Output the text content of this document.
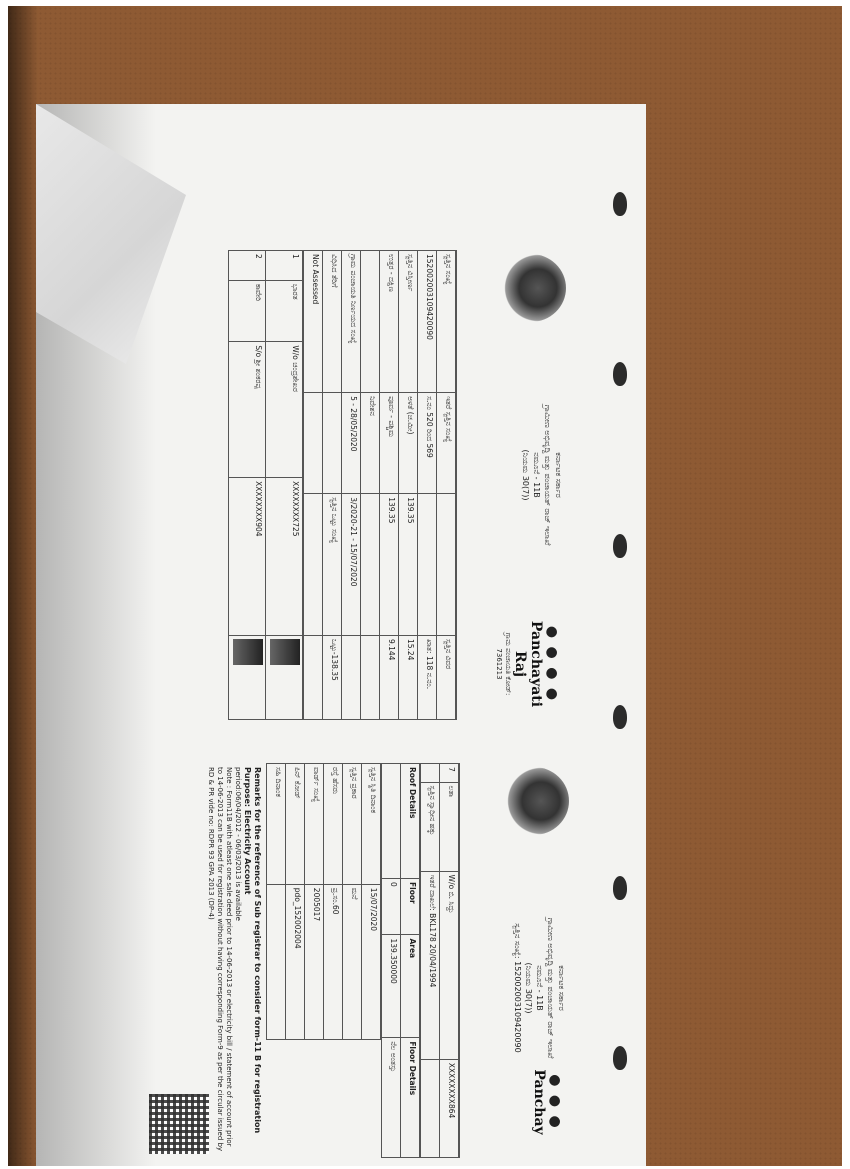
ಕರ್ನಾಟಕ ಸರ್ಕಾರ
ಗ್ರಾಮೀಣ ಅಭಿವೃದ್ಧಿ ಮತ್ತು ಪಂಚಾಯತ್ ರಾಜ್ ಇಲಾಖೆ
ನಮೂನೆ - 11B
(ನಿಯಮ 30(7))
● ● ● ●
Panchayati Raj
ಗ್ರಾಮ ಪಂಚಾಯತಿ ಕೋಡ್: 7361213
ಸ್ವತ್ತಿನ ಸಂಖ್ಯೆ	ಇತರೆ ಸ್ವತ್ತಿನ ಸಂಖ್ಯೆ		ಸ್ವತ್ತಿನ ವಿವರ
152002003109420090	ಸ.ನಂ 520 ರಿಂದ 569		ಖಾತ: 118 ನ.ನಂ.
ಸ್ವತ್ತಿನ ವಿಸ್ತೀರ್ಣ	ಅಳತೆ (ಚ.ಮೀ)	139.35	15.24
ಉತ್ತರ - ದಕ್ಷಿಣ	ಪೂರ್ವ - ಪಶ್ಚಿಮ	139.35	9.144
	ನಿವೇಶನ		
ಗ್ರಾಮ ಪಂಚಾಯತಿ ನಿರ್ಣಯದ ಸಂಖ್ಯೆ	5 - 28/05/2020	3/2020-21 - 15/07/2020	
ವಿಧಿಸಿದ ತೆರಿಗೆ		ಸ್ವತ್ತಿನ ಒಟ್ಟು ಸಂಖ್ಯೆ	ಒಟ್ಟು-138.35
Not Assessed			
1	ಭಾರತ	W/o ಚಂದ್ರಶೇಖರ	XXXXXXXX725	
2	ಕಾವೇರಿ	S/o ಶ್ರೀ ಶಂಕರಪ್ಪ	XXXXXXXX904	
ಕರ್ನಾಟಕ ಸರ್ಕಾರ
ಗ್ರಾಮೀಣ ಅಭಿವೃದ್ಧಿ ಮತ್ತು ಪಂಚಾಯತ್ ರಾಜ್ ಇಲಾಖೆ
ನಮೂನೆ - 11B
(ನಿಯಮ 30(7))
ಸ್ವತ್ತಿನ ಸಂಖ್ಯೆ: 152002003109420090
● ● ●
Panchay
7	ಲತಾ	W/o ಬಿ. ಸಿದ್ದು	XXXXXXXX864
	ಸ್ವತ್ತಿನ ಸ್ವಾಧೀನ ಹಕ್ಕು	ಇತರೆ ದಾಖಲೆ: BKL178 20/04/1994	
Roof Details	Floor	Area	Floor Details
	0	139.350000	ನೆಲ ಅಂತಸ್ತು
ಸ್ವತ್ತಿನ ಸ್ಥಿತಿ ದಿನಾಂಕ	15/07/2020
ಸ್ವತ್ತಿನ ಪ್ರಕಾರ	ಮನೆ
ರಸ್ತೆ ಹೆಸರು	ಪ್ರ.ಸಂ.60
ವಾರ್ಡ್ ಸಂಖ್ಯೆ	2005017
ಪಿನ್ ಕೋಡ್	pdo_152002004
ಸಹಿ ದಿನಾಂಕ	
Remarks for the reference of Sub registrar to consider form-11 B for registration Purpose: Electricity Account
period:06/04/2012 - 06/03/2013 is available
Note : Form11B with atleast one sale deed prior to 14-06-2013 or electricity bill / statement of account prior to 14-06-2013 can be used for registration without having corresponding Form-9 as per the circular issued by RD & PR vide no: RDPR 93 GPA 2013 (DP-4)
